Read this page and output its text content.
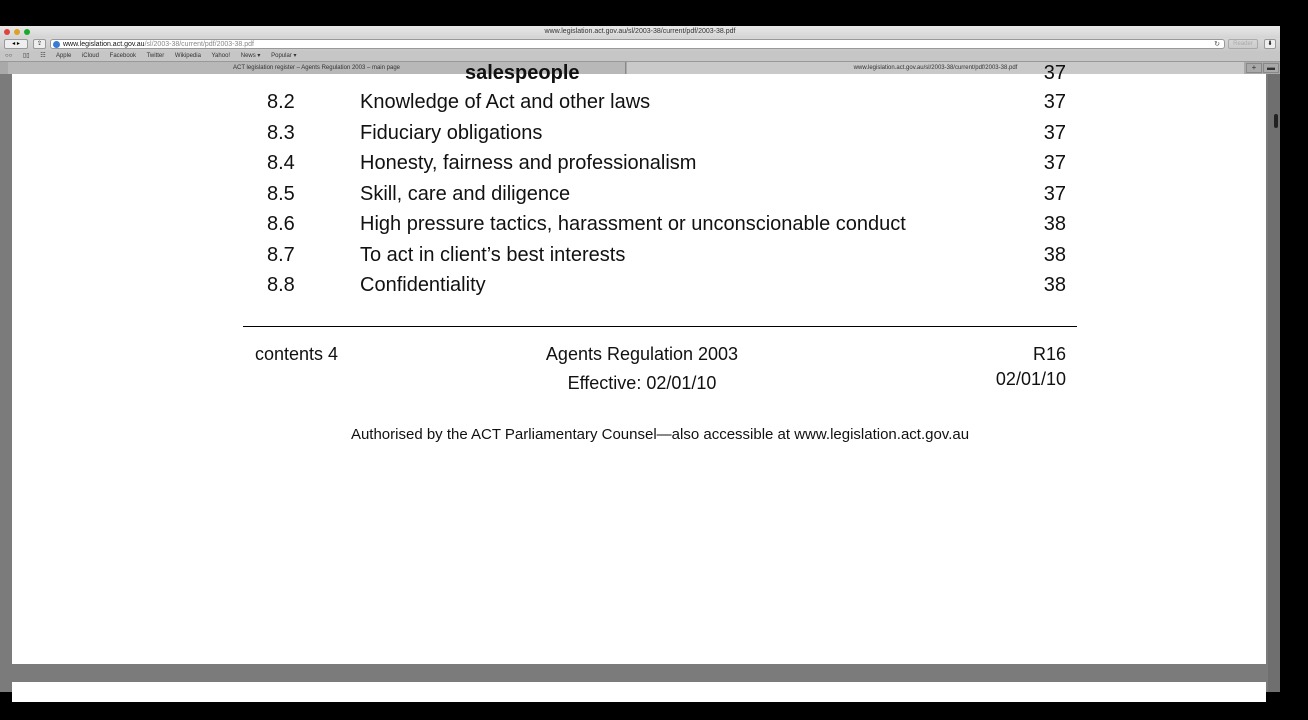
www.legislation.act.gov.au/sl/2003-38/current/pdf/2003-38.pdf
◂ ▸	⇪	www.legislation.act.gov.au/sl/2003-38/current/pdf/2003-38.pdf	↻	Reader	⬇
○○ ▯▯ ☷ Apple iCloud Facebook Twitter Wikipedia Yahoo! News ▾ Popular ▾
ACT legislation register – Agents Regulation 2003 – main page	www.legislation.act.gov.au/sl/2003-38/current/pdf/2003-38.pdf	+	▬
salespeople	37
8.2	Knowledge of Act and other laws	37
8.3	Fiduciary obligations	37
8.4	Honesty, fairness and professionalism	37
8.5	Skill, care and diligence	37
8.6	High pressure tactics, harassment or unconscionable conduct	38
8.7	To act in client’s best interests	38
8.8	Confidentiality	38
contents 4	Agents Regulation 2003
Effective: 02/01/10
R16
02/01/10
Authorised by the ACT Parliamentary Counsel—also accessible at www.legislation.act.gov.au
